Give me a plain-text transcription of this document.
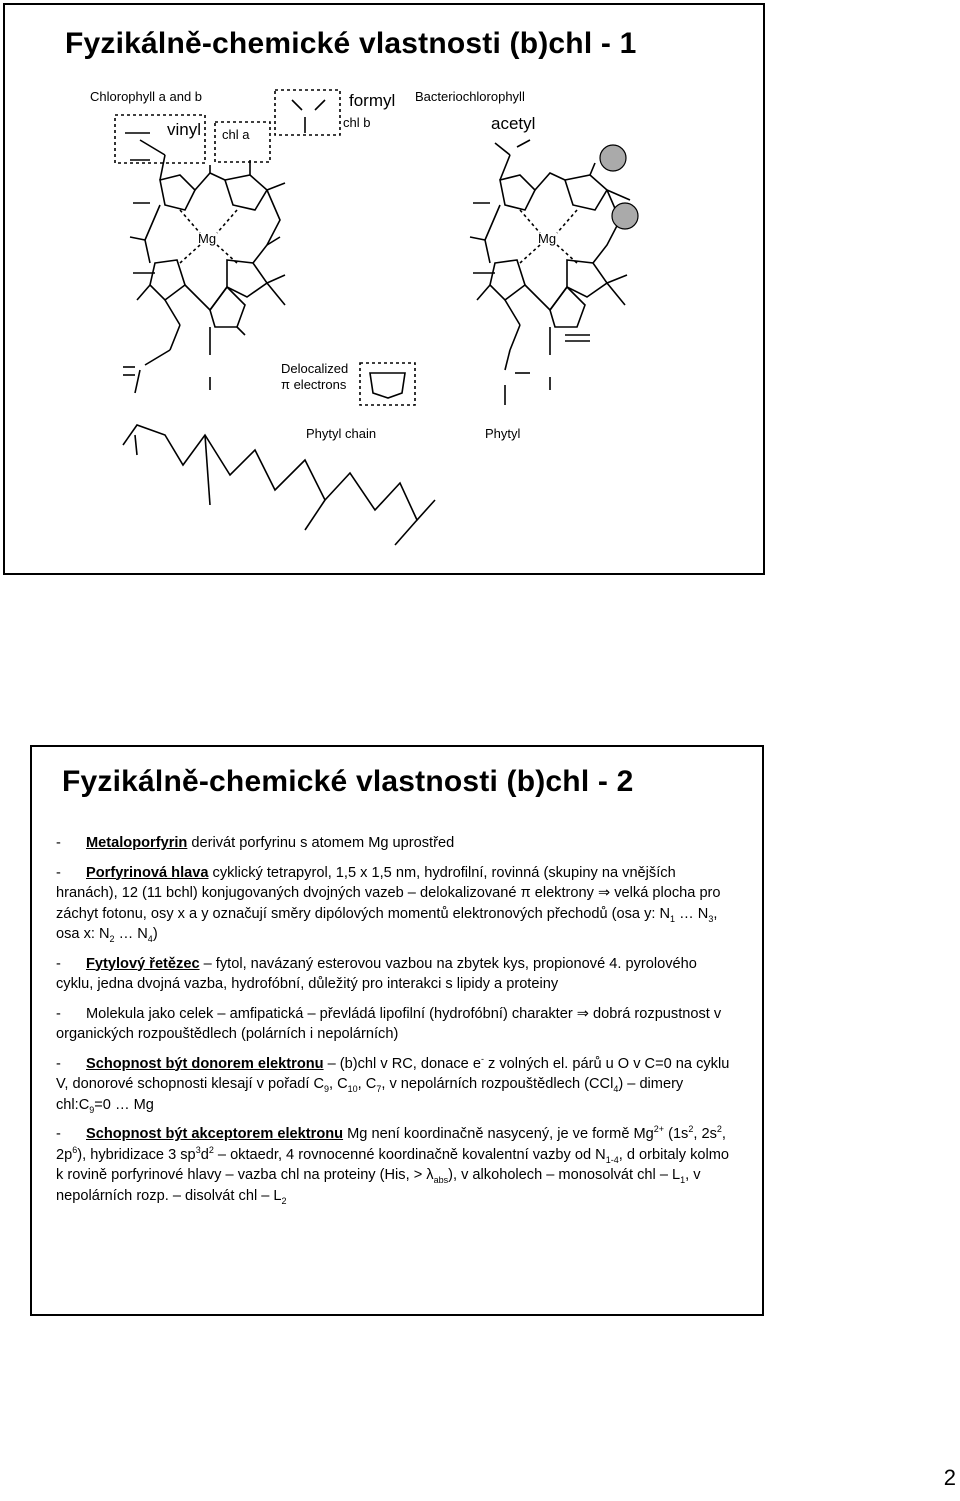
Fyzikálně-chemické vlastnosti (b)chl - 1
Chlorophyll a and b
vinyl chl a
formyl
chl b
Bacteriochlorophyll
acetyl
Delocalized
π electrons
Phytyl chain	Phytyl
Mg	Mg
Fyzikálně-chemické vlastnosti (b)chl - 2

- Metaloporfyrin derivát porfyrinu s atomem Mg uprostřed

- Porfyrinová hlava cyklický tetrapyrol, 1,5 x 1,5 nm, hydrofilní, rovinná (skupiny na vnějších hranách), 12 (11 bchl) konjugovaných dvojných vazeb – delokalizované π elektrony ⇒ velká plocha pro záchyt fotonu, osy x a y označují směry dipólových momentů elektronových přechodů (osa y: $N_1$ … $N_3$, osa x: $N_2$ … $N_4$)

- Fytylový řetězec – fytol, navázaný esterovou vazbou na zbytek kys, propionové 4. pyrolového cyklu, jedna dvojná vazba, hydrofóbní, důležitý pro interakci s lipidy a proteiny

- Molekula jako celek – amfipatická – převládá lipofilní (hydrofóbní) charakter ⇒ dobrá rozpustnost v organických rozpouštědlech (polárních i nepolárních)

- Schopnost být donorem elektronu – (b)chl v RC, donace e- z volných el. párů u O v C=0 na cyklu V, donorové schopnosti klesají v pořadí $C_9$, $C_{10}$, $C_7$, v nepolárních rozpouštědlech (CCl$_4$) – dimery $chl:C_9=0$ … Mg

- Schopnost být akceptorem elektronu Mg není koordinačně nasycený, je ve formě $Mg^{2+}$ ($1s^2$, $2s^2$, $2p^6$), hybridizace 3 $sp^3d^2$ – oktaedr, 4 rovnocenné koordinačně kovalentní vazby od $N_{1-4}$, d orbitaly kolmo k rovině porfyrinové hlavy – vazba chl na proteiny (His, > $\lambda_{abs}$), v alkoholech – monosolvát chl – $L_1$, v nepolárních rozp. – disolvát chl – $L_2$

2
